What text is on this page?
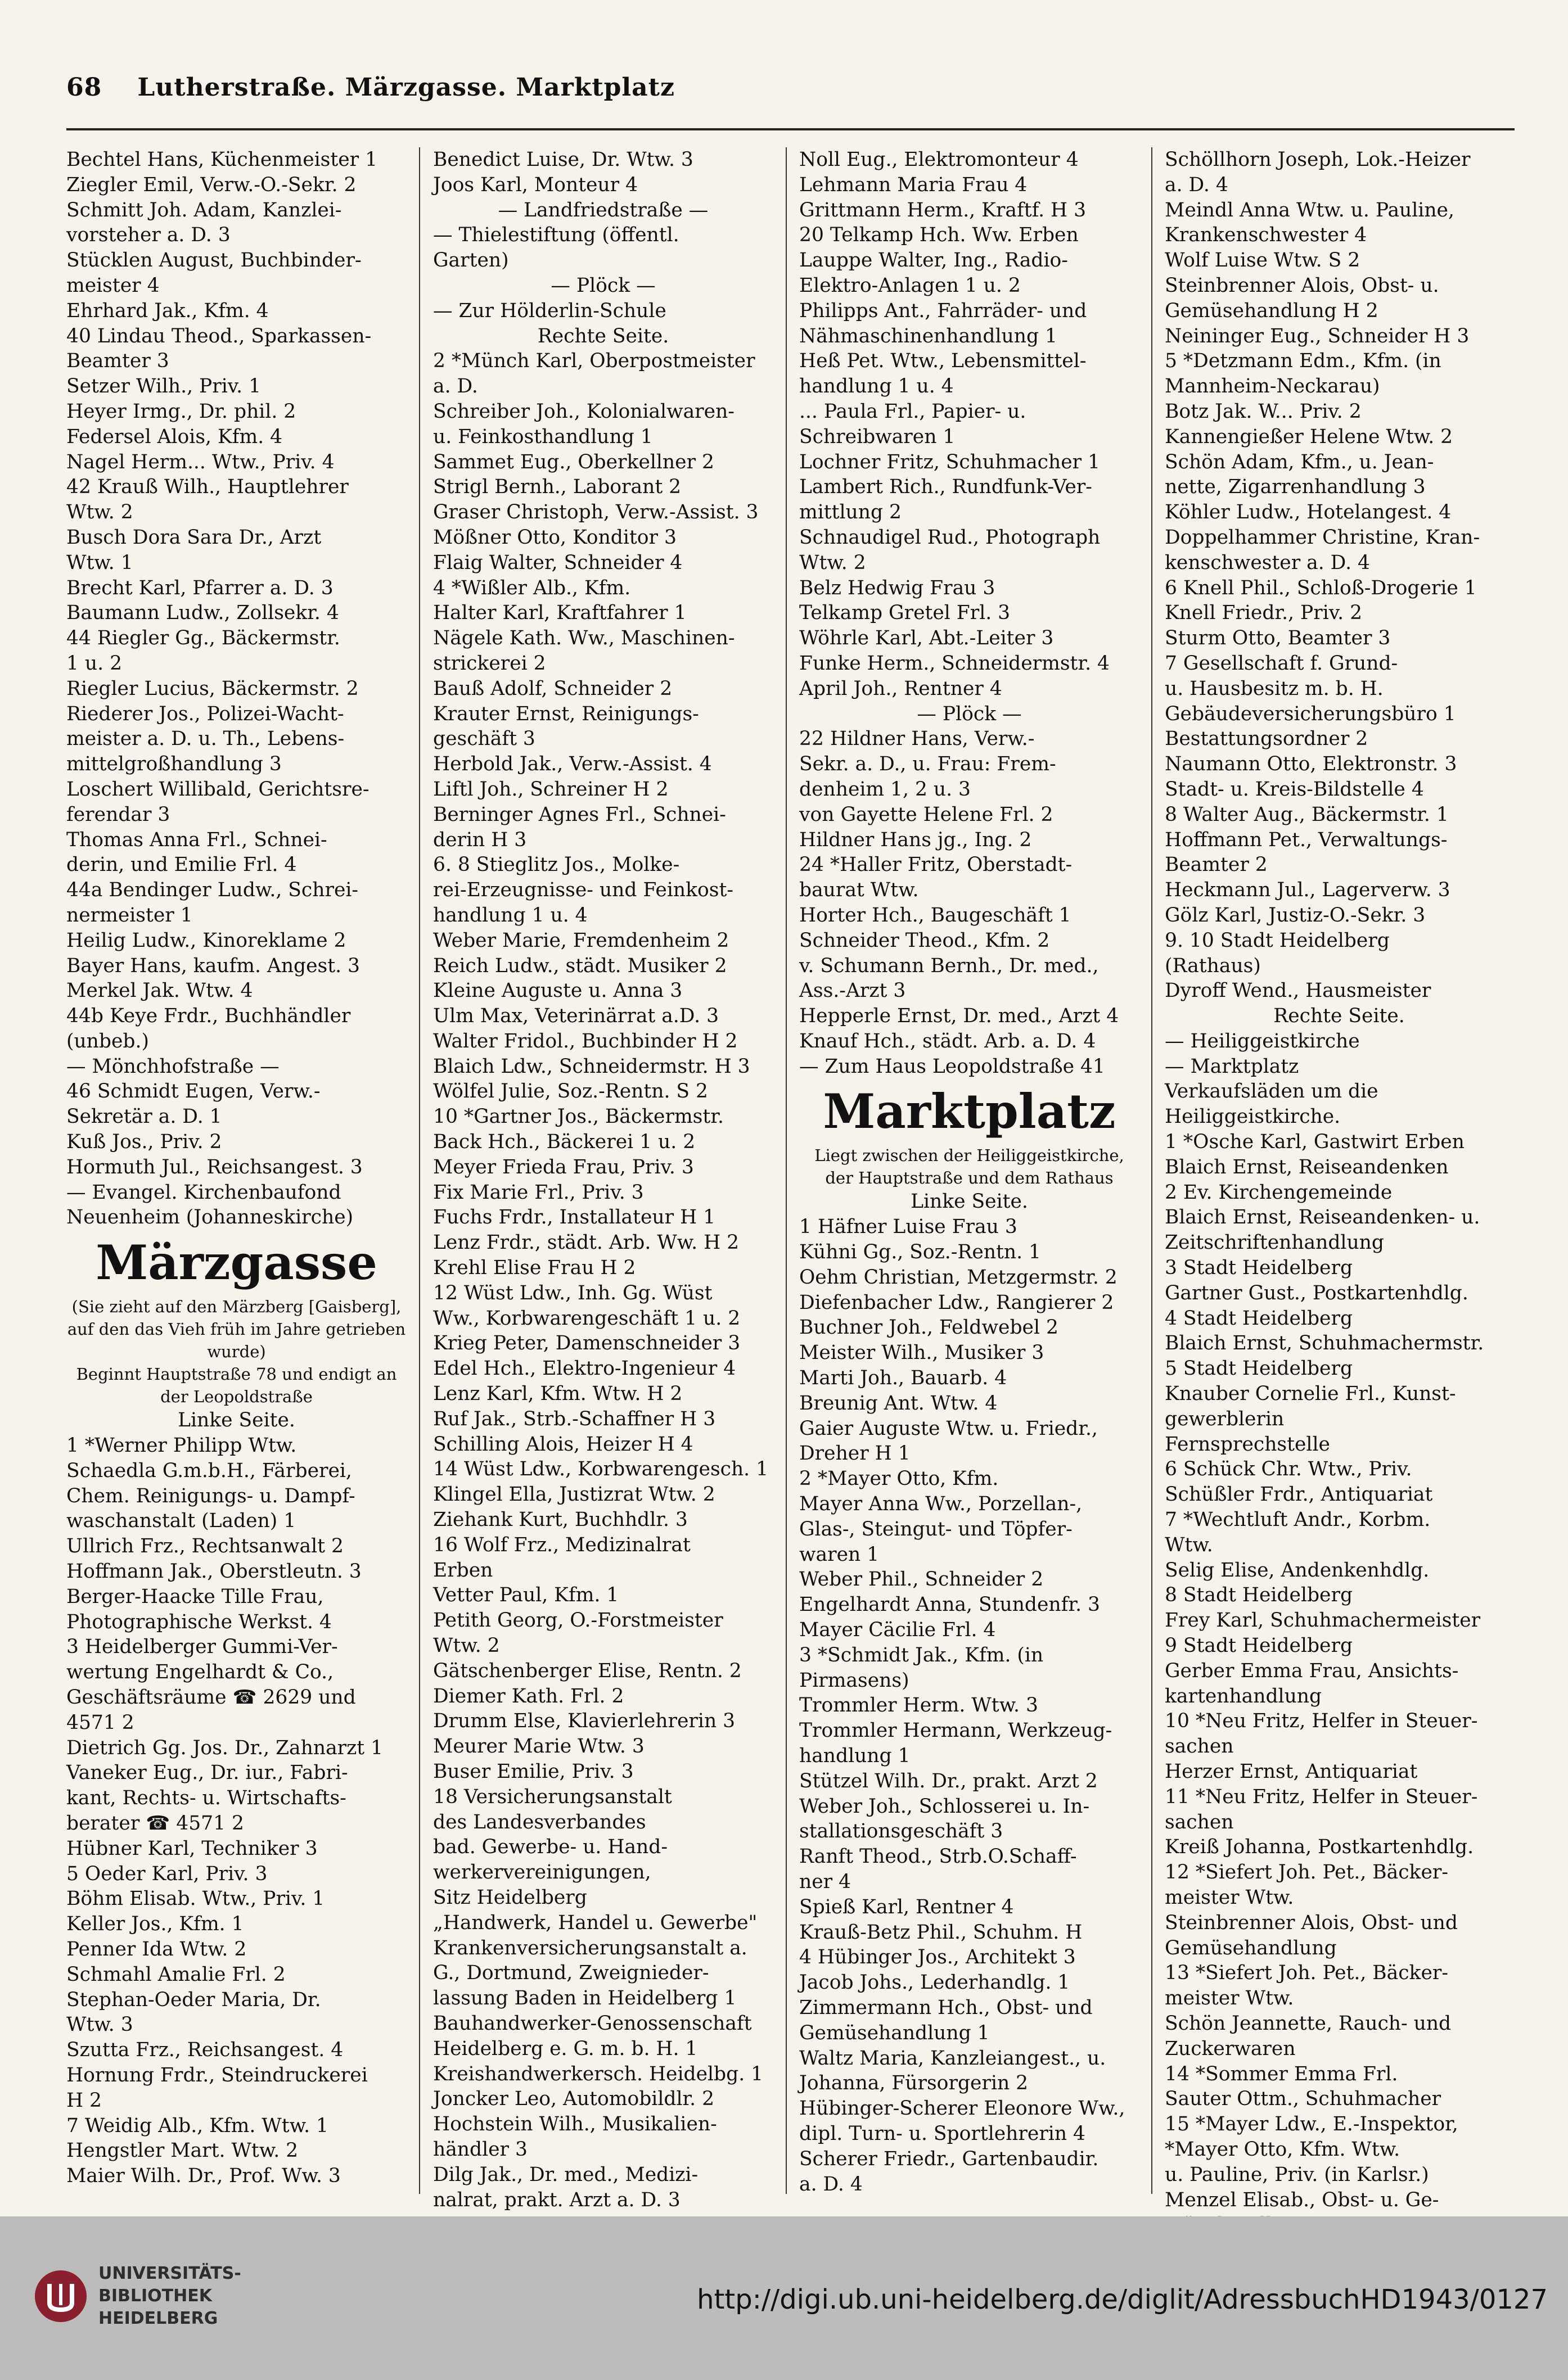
68 Lutherstraße. Märzgasse. Marktplatz
Bechtel Hans, Küchenmeister 1
Ziegler Emil, Verw.-O.-Sekr. 2
Schmitt Joh. Adam, Kanzlei-
vorsteher a. D. 3
Stücklen August, Buchbinder-
meister 4
Ehrhard Jak., Kfm. 4
40 Lindau Theod., Sparkassen-
Beamter 3
Setzer Wilh., Priv. 1
Heyer Irmg., Dr. phil. 2
Federsel Alois, Kfm. 4
Nagel Herm... Wtw., Priv. 4
42 Krauß Wilh., Hauptlehrer
Wtw. 2
Busch Dora Sara Dr., Arzt
Wtw. 1
Brecht Karl, Pfarrer a. D. 3
Baumann Ludw., Zollsekr. 4
44 Riegler Gg., Bäckermstr.
1 u. 2
Riegler Lucius, Bäckermstr. 2
Riederer Jos., Polizei-Wacht-
meister a. D. u. Th., Lebens-
mittelgroßhandlung 3
Loschert Willibald, Gerichtsre-
ferendar 3
Thomas Anna Frl., Schnei-
derin, und Emilie Frl. 4
44a Bendinger Ludw., Schrei-
nermeister 1
Heilig Ludw., Kinoreklame 2
Bayer Hans, kaufm. Angest. 3
Merkel Jak. Wtw. 4
44b Keye Frdr., Buchhändler
(unbeb.)
— Mönchhofstraße —
46 Schmidt Eugen, Verw.-
Sekretär a. D. 1
Kuß Jos., Priv. 2
Hormuth Jul., Reichsangest. 3
— Evangel. Kirchenbaufond
Neuenheim (Johanneskirche)
Märzgasse
(Sie zieht auf den Märzberg [Gaisberg], auf den das Vieh früh im Jahre getrieben wurde)
Beginnt Hauptstraße 78 und endigt an der Leopoldstraße
Linke Seite.
1 *Werner Philipp Wtw.
Schaedla G.m.b.H., Färberei,
Chem. Reinigungs- u. Dampf-
waschanstalt (Laden) 1
Ullrich Frz., Rechtsanwalt 2
Hoffmann Jak., Oberstleutn. 3
Berger-Haacke Tille Frau,
Photographische Werkst. 4
3 Heidelberger Gummi-Ver-
wertung Engelhardt & Co.,
Geschäftsräume ☎ 2629 und
4571 2
Dietrich Gg. Jos. Dr., Zahnarzt 1
Vaneker Eug., Dr. iur., Fabri-
kant, Rechts- u. Wirtschafts-
berater ☎ 4571 2
Hübner Karl, Techniker 3
5 Oeder Karl, Priv. 3
Böhm Elisab. Wtw., Priv. 1
Keller Jos., Kfm. 1
Penner Ida Wtw. 2
Schmahl Amalie Frl. 2
Stephan-Oeder Maria, Dr.
Wtw. 3
Szutta Frz., Reichsangest. 4
Hornung Frdr., Steindruckerei
H 2
7 Weidig Alb., Kfm. Wtw. 1
Hengstler Mart. Wtw. 2
Maier Wilh. Dr., Prof. Ww. 3
Benedict Luise, Dr. Wtw. 3
Joos Karl, Monteur 4
— Landfriedstraße —
— Thielestiftung (öffentl.
Garten)
— Plöck —
— Zur Hölderlin-Schule
Rechte Seite.
2 *Münch Karl, Oberpostmeister
a. D.
Schreiber Joh., Kolonialwaren-
u. Feinkosthandlung 1
Sammet Eug., Oberkellner 2
Strigl Bernh., Laborant 2
Graser Christoph, Verw.-Assist. 3
Mößner Otto, Konditor 3
Flaig Walter, Schneider 4
4 *Wißler Alb., Kfm.
Halter Karl, Kraftfahrer 1
Nägele Kath. Ww., Maschinen-
strickerei 2
Bauß Adolf, Schneider 2
Krauter Ernst, Reinigungs-
geschäft 3
Herbold Jak., Verw.-Assist. 4
Liftl Joh., Schreiner H 2
Berninger Agnes Frl., Schnei-
derin H 3
6. 8 Stieglitz Jos., Molke-
rei-Erzeugnisse- und Feinkost-
handlung 1 u. 4
Weber Marie, Fremdenheim 2
Reich Ludw., städt. Musiker 2
Kleine Auguste u. Anna 3
Ulm Max, Veterinärrat a.D. 3
Walter Fridol., Buchbinder H 2
Blaich Ldw., Schneidermstr. H 3
Wölfel Julie, Soz.-Rentn. S 2
10 *Gartner Jos., Bäckermstr.
Back Hch., Bäckerei 1 u. 2
Meyer Frieda Frau, Priv. 3
Fix Marie Frl., Priv. 3
Fuchs Frdr., Installateur H 1
Lenz Frdr., städt. Arb. Ww. H 2
Krehl Elise Frau H 2
12 Wüst Ldw., Inh. Gg. Wüst
Ww., Korbwarengeschäft 1 u. 2
Krieg Peter, Damenschneider 3
Edel Hch., Elektro-Ingenieur 4
Lenz Karl, Kfm. Wtw. H 2
Ruf Jak., Strb.-Schaffner H 3
Schilling Alois, Heizer H 4
14 Wüst Ldw., Korbwarengesch. 1
Klingel Ella, Justizrat Wtw. 2
Ziehank Kurt, Buchhdlr. 3
16 Wolf Frz., Medizinalrat
Erben
Vetter Paul, Kfm. 1
Petith Georg, O.-Forstmeister
Wtw. 2
Gätschenberger Elise, Rentn. 2
Diemer Kath. Frl. 2
Drumm Else, Klavierlehrerin 3
Meurer Marie Wtw. 3
Buser Emilie, Priv. 3
18 Versicherungsanstalt
des Landesverbandes
bad. Gewerbe- u. Hand-
werkervereinigungen,
Sitz Heidelberg
„Handwerk, Handel u. Gewerbe"
Krankenversicherungsanstalt a.
G., Dortmund, Zweignieder-
lassung Baden in Heidelberg 1
Bauhandwerker-Genossenschaft
Heidelberg e. G. m. b. H. 1
Kreishandwerkersch. Heidelbg. 1
Joncker Leo, Automobildlr. 2
Hochstein Wilh., Musikalien-
händler 3
Dilg Jak., Dr. med., Medizi-
nalrat, prakt. Arzt a. D. 3
Noll Eug., Elektromonteur 4
Lehmann Maria Frau 4
Grittmann Herm., Kraftf. H 3
20 Telkamp Hch. Ww. Erben
Lauppe Walter, Ing., Radio-
Elektro-Anlagen 1 u. 2
Philipps Ant., Fahrräder- und
Nähmaschinenhandlung 1
Heß Pet. Wtw., Lebensmittel-
handlung 1 u. 4
... Paula Frl., Papier- u.
Schreibwaren 1
Lochner Fritz, Schuhmacher 1
Lambert Rich., Rundfunk-Ver-
mittlung 2
Schnaudigel Rud., Photograph
Wtw. 2
Belz Hedwig Frau 3
Telkamp Gretel Frl. 3
Wöhrle Karl, Abt.-Leiter 3
Funke Herm., Schneidermstr. 4
April Joh., Rentner 4
— Plöck —
22 Hildner Hans, Verw.-
Sekr. a. D., u. Frau: Frem-
denheim 1, 2 u. 3
von Gayette Helene Frl. 2
Hildner Hans jg., Ing. 2
24 *Haller Fritz, Oberstadt-
baurat Wtw.
Horter Hch., Baugeschäft 1
Schneider Theod., Kfm. 2
v. Schumann Bernh., Dr. med.,
Ass.-Arzt 3
Hepperle Ernst, Dr. med., Arzt 4
Knauf Hch., städt. Arb. a. D. 4
— Zum Haus Leopoldstraße 41
Marktplatz
Liegt zwischen der Heiliggeistkirche, der Hauptstraße und dem Rathaus
Linke Seite.
1 Häfner Luise Frau 3
Kühni Gg., Soz.-Rentn. 1
Oehm Christian, Metzgermstr. 2
Diefenbacher Ldw., Rangierer 2
Buchner Joh., Feldwebel 2
Meister Wilh., Musiker 3
Marti Joh., Bauarb. 4
Breunig Ant. Wtw. 4
Gaier Auguste Wtw. u. Friedr.,
Dreher H 1
2 *Mayer Otto, Kfm.
Mayer Anna Ww., Porzellan-,
Glas-, Steingut- und Töpfer-
waren 1
Weber Phil., Schneider 2
Engelhardt Anna, Stundenfr. 3
Mayer Cäcilie Frl. 4
3 *Schmidt Jak., Kfm. (in
Pirmasens)
Trommler Herm. Wtw. 3
Trommler Hermann, Werkzeug-
handlung 1
Stützel Wilh. Dr., prakt. Arzt 2
Weber Joh., Schlosserei u. In-
stallationsgeschäft 3
Ranft Theod., Strb.O.Schaff-
ner 4
Spieß Karl, Rentner 4
Krauß-Betz Phil., Schuhm. H
4 Hübinger Jos., Architekt 3
Jacob Johs., Lederhandlg. 1
Zimmermann Hch., Obst- und
Gemüsehandlung 1
Waltz Maria, Kanzleiangest., u.
Johanna, Fürsorgerin 2
Hübinger-Scherer Eleonore Ww.,
dipl. Turn- u. Sportlehrerin 4
Scherer Friedr., Gartenbaudir.
a. D. 4
Schöllhorn Joseph, Lok.-Heizer
a. D. 4
Meindl Anna Wtw. u. Pauline,
Krankenschwester 4
Wolf Luise Wtw. S 2
Steinbrenner Alois, Obst- u.
Gemüsehandlung H 2
Neininger Eug., Schneider H 3
5 *Detzmann Edm., Kfm. (in
Mannheim-Neckarau)
Botz Jak. W... Priv. 2
Kannengießer Helene Wtw. 2
Schön Adam, Kfm., u. Jean-
nette, Zigarrenhandlung 3
Köhler Ludw., Hotelangest. 4
Doppelhammer Christine, Kran-
kenschwester a. D. 4
6 Knell Phil., Schloß-Drogerie 1
Knell Friedr., Priv. 2
Sturm Otto, Beamter 3
7 Gesellschaft f. Grund-
u. Hausbesitz m. b. H.
Gebäudeversicherungsbüro 1
Bestattungsordner 2
Naumann Otto, Elektronstr. 3
Stadt- u. Kreis-Bildstelle 4
8 Walter Aug., Bäckermstr. 1
Hoffmann Pet., Verwaltungs-
Beamter 2
Heckmann Jul., Lagerverw. 3
Gölz Karl, Justiz-O.-Sekr. 3
9. 10 Stadt Heidelberg
(Rathaus)
Dyroff Wend., Hausmeister
Rechte Seite.
— Heiliggeistkirche
— Marktplatz
Verkaufsläden um die
Heiliggeistkirche.
1 *Osche Karl, Gastwirt Erben
Blaich Ernst, Reiseandenken
2 Ev. Kirchengemeinde
Blaich Ernst, Reiseandenken- u.
Zeitschriftenhandlung
3 Stadt Heidelberg
Gartner Gust., Postkartenhdlg.
4 Stadt Heidelberg
Blaich Ernst, Schuhmachermstr.
5 Stadt Heidelberg
Knauber Cornelie Frl., Kunst-
gewerblerin
Fernsprechstelle
6 Schück Chr. Wtw., Priv.
Schüßler Frdr., Antiquariat
7 *Wechtluft Andr., Korbm.
Wtw.
Selig Elise, Andenkenhdlg.
8 Stadt Heidelberg
Frey Karl, Schuhmachermeister
9 Stadt Heidelberg
Gerber Emma Frau, Ansichts-
kartenhandlung
10 *Neu Fritz, Helfer in Steuer-
sachen
Herzer Ernst, Antiquariat
11 *Neu Fritz, Helfer in Steuer-
sachen
Kreiß Johanna, Postkartenhdlg.
12 *Siefert Joh. Pet., Bäcker-
meister Wtw.
Steinbrenner Alois, Obst- und
Gemüsehandlung
13 *Siefert Joh. Pet., Bäcker-
meister Wtw.
Schön Jeannette, Rauch- und
Zuckerwaren
14 *Sommer Emma Frl.
Sauter Ottm., Schuhmacher
15 *Mayer Ldw., E.-Inspektor,
*Mayer Otto, Kfm. Wtw.
u. Pauline, Priv. (in Karlsr.)
Menzel Elisab., Obst- u. Ge-
UNIVERSITÄTS-
BIBLIOTHEK
HEIDELBERG
http://digi.ub.uni-heidelberg.de/diglit/AdressbuchHD1943/0127
